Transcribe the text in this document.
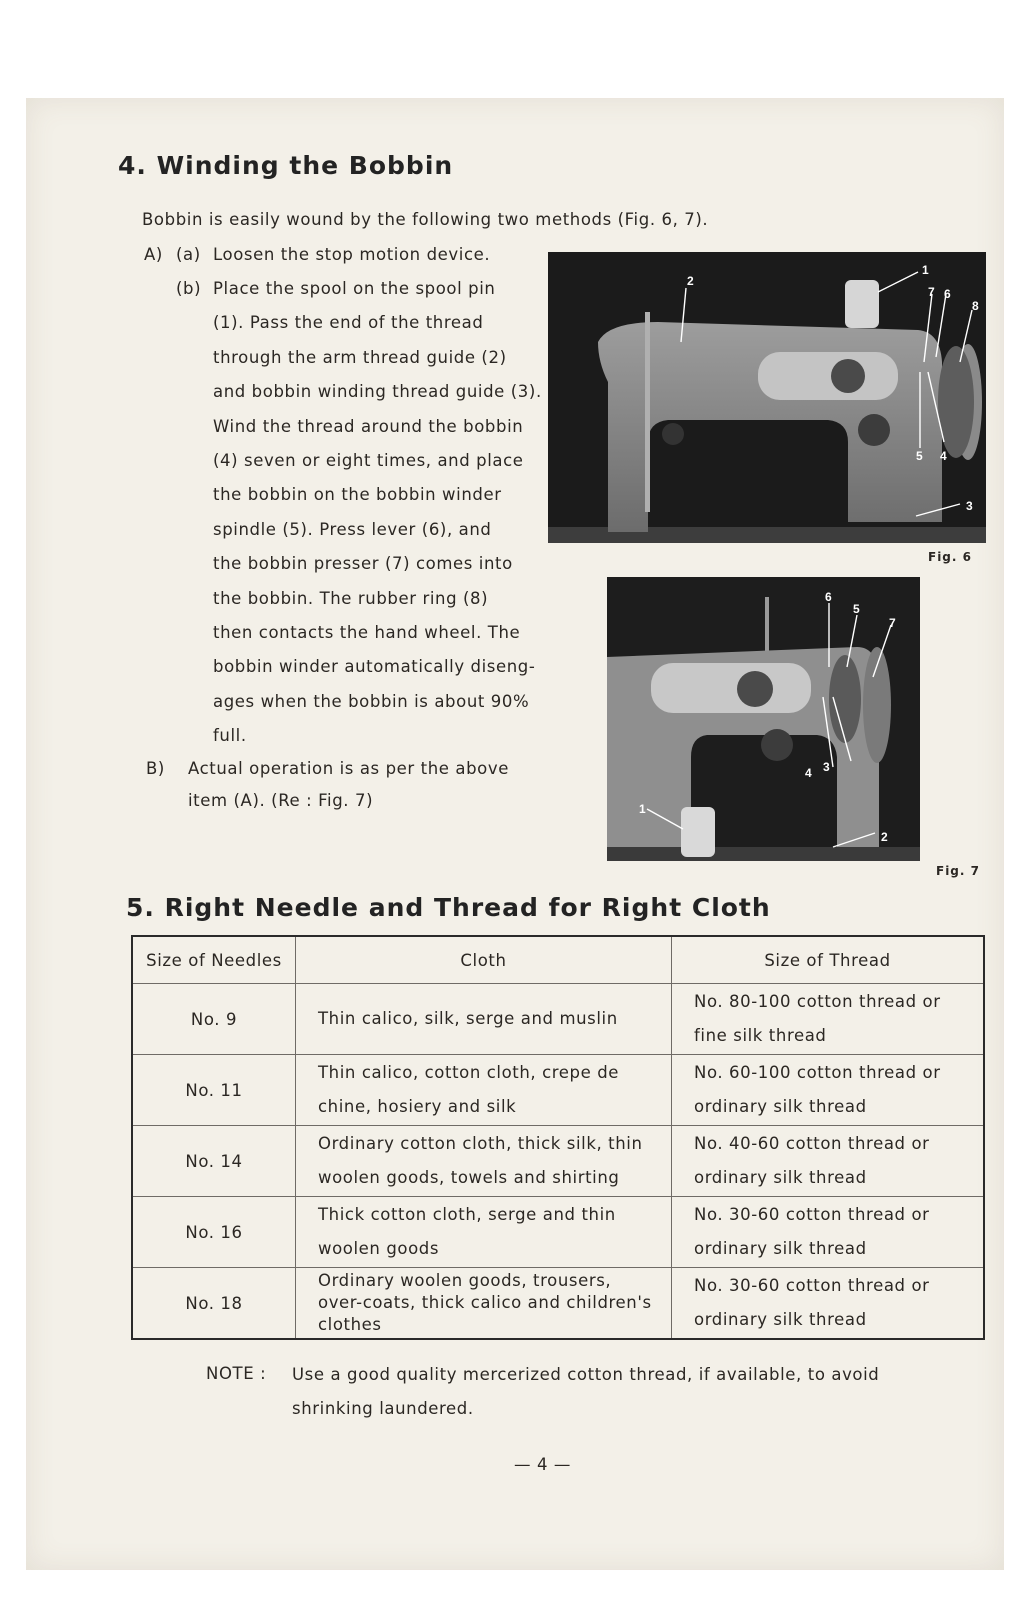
4. Winding the Bobbin
Bobbin is easily wound by the following two methods (Fig. 6, 7).
A) (a) Loosen the stop motion device.
(b) Place the spool on the spool pin
(1). Pass the end of the thread
through the arm thread guide (2)
and bobbin winding thread guide (3).
Wind the thread around the bobbin
(4) seven or eight times, and place
the bobbin on the bobbin winder
spindle (5). Press lever (6), and
the bobbin presser (7) comes into
the bobbin. The rubber ring (8)
then contacts the hand wheel. The
bobbin winder automatically diseng-
ages when the bobbin is about 90%
full.
B) Actual operation is as per the above
item (A). (Re : Fig. 7)
1
2
3
4
5
6
7
8
Fig. 6
1
2
3
4
5
6
7
Fig. 7
5. Right Needle and Thread for Right Cloth
Size of Needles	Cloth	Size of Thread
No. 9	Thin calico, silk, serge and muslin	No. 80-100 cotton thread or fine silk thread
No. 11	Thin calico, cotton cloth, crepe de chine, hosiery and silk	No. 60-100 cotton thread or ordinary silk thread
No. 14	Ordinary cotton cloth, thick silk, thin woolen goods, towels and shirting	No. 40-60 cotton thread or ordinary silk thread
No. 16	Thick cotton cloth, serge and thin woolen goods	No. 30-60 cotton thread or ordinary silk thread
No. 18	Ordinary woolen goods, trousers, over-coats, thick calico and children's clothes	No. 30-60 cotton thread or ordinary silk thread
NOTE : Use a good quality mercerized cotton thread, if available, to avoid
shrinking laundered.
— 4 —
